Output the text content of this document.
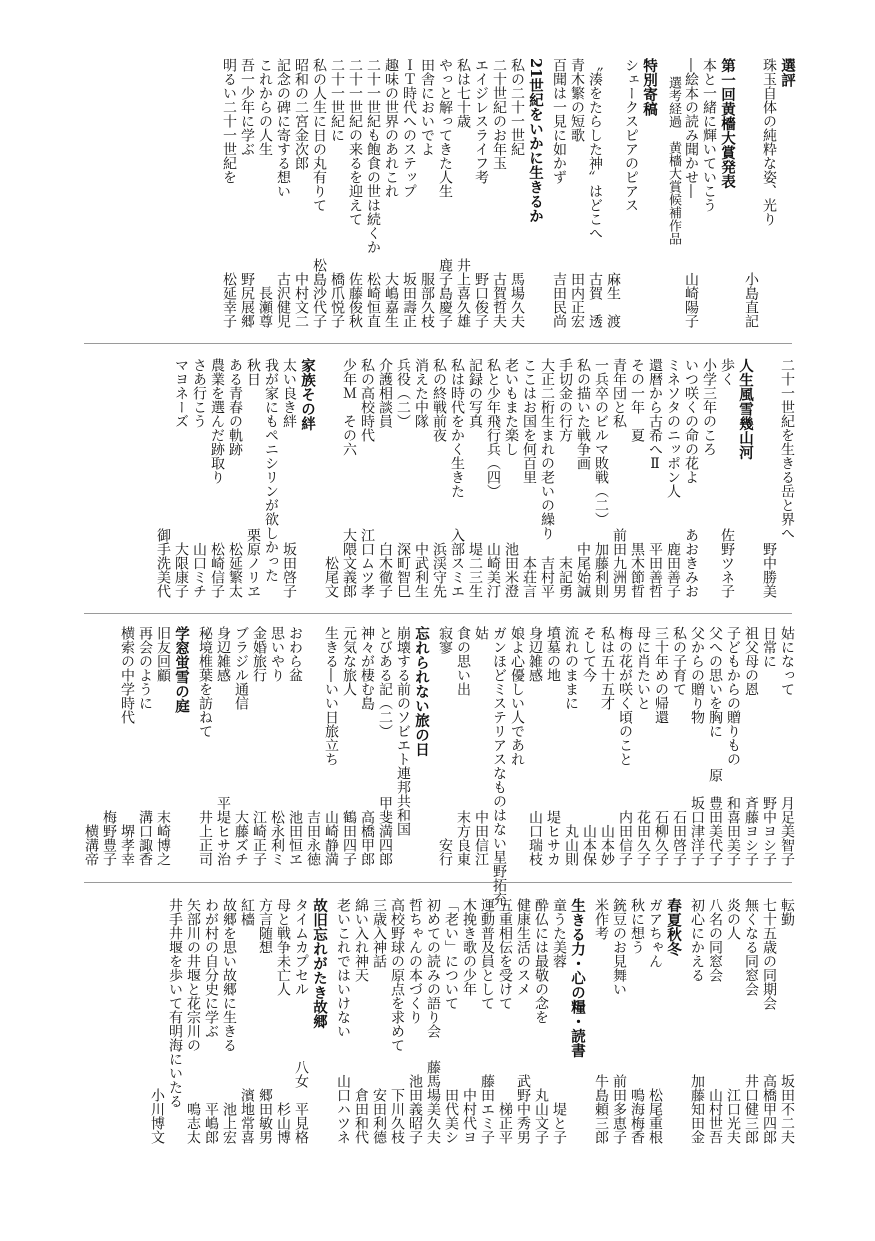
選評
珠玉自体の純粋な姿、光り
小島直記
第一回黄檣大賞発表
本と一緒に輝いていこう
―絵本の読み聞かせ―
山崎陽子
選考経過　黄檣大賞候補作品
特別寄稿
シェークスピアのピアス
麻生　渡
〝湊をたらした神〟はどこへ
古賀　透
青木繁の短歌
田内正宏
百聞は一見に如かず
吉田民尚
21世紀をいかに生きるか
私の二十一世紀
馬場久夫
二十世紀のお年玉
古賀哲夫
エイジレスライフ考
野口俊子
私は七十歳
井上喜久雄
やっと解ってきた人生
鹿子島慶子
田舎においでよ
服部久枝
ＩＴ時代へのステップ
坂田壽正
趣味の世界のあれこれ
大嶋嘉生
二十一世紀も飽食の世は続くか
松崎恒直
二十一世紀の来るを迎えて
佐藤俊秋
二十一世紀に
橋爪悦子
私の人生に日の丸有りて
松島沙代子
昭和の二宮金次郎
中村文二
記念の碑に寄する想い
古沢健児
これからの人生
長瀬尊
吾一少年に学ぶ
野尻展郷
明るい二十一世紀を
松延幸子
二十一世紀を生きる岳と界へ
野中勝美
人生風雪幾山河
歩く
佐野ツネ子
小学三年のころ
いつ咲くの命の花よ
あおきみお
ミネソタのニッポン人
鹿田善子
還暦から古希へⅡ
平田善哲
その一年　夏
黒木節晢
青年団と私
前田九洲男
一兵卒のビルマ敗戦（二）
加藤利則
私の描いた戦争画
中尾始誠
手切金の行方
末記勇
大正二桁生まれの老いの繰り
吉村平
ここはお国を何百里
本荘言
老いもまた楽し
池田米澄
私と少年飛行兵（四）
山崎美汀
記録の写真
堤二三生
私は時代をかく生きた
入部スミエ
私の終戦前夜
浜渓守先
消えた中隊
中武利生
兵役（二）
深町智巳
介護相談員
白木徹子
私の高校時代
江口ムツ孝
少年Ｍ　その六
大隈文義郎
松尾文
家族その絆
太い良き絆
坂田啓子
我が家にもペニシリンが欲しかった
秋日
栗原ノリヱ
ある青春の軌跡
松延繁太
農業を選んだ跡取り
松崎信子
さあ行こう
山口ミチ
マヨネーズ
大限康子
御手洗美代
姑になって
月足美智子
日常に
野中ヨシ子
祖父母の恩
斉藤ヨシ子
子どもからの贈りもの
和喜田美子
父への思いを胸に
原　豊田美代子
父からの贈り物
坂口津洋子
私の子育て
石田啓子
三十年めの帰還
石柳久子
母に肖たいと
花田久子
梅の花が咲く頃のこと
内田信子
私は五十五才
山本妙
そして今
山本保
流れのままに
丸山則
墳墓の地
堤ヒサカ
身辺雑感
山口瑞枝
娘よ心優しい人であれ
ガンほどミステリアスなものはない
星野拓充
姑
中田信江
食の思い出
末方良東
寂寥
安行
忘れられない旅の日
崩壊する前のソビエト連邦共和国
とびある記（二）
甲斐満四郎
神々が棲む島
高橋甲郎
元気な旅人
鶴田四子
生きる―いい日旅立ち
山崎静満
吉田永徳
おわら盆
池田恒ヱ
思いやり
松永利ミ
金婚旅行
江崎正子
ブラジル通信
大藤ズチ
身辺雑感
平堤ヒサ治
秘境椎葉を訪ねて
井上正司
学窓蛍雪の庭
旧友回顧
末崎博之
再会のように
溝口諏香
横索の中学時代
堺孝幸
梅野豊子
横溝帝
転勤
坂田不二夫
七十五歳の同期会
高橋甲四郎
無くなる同窓会
井口健三郎
炎の人
江口光夫
八名の同窓会
山村世吾
初心にかえる
加藤知田金
春夏秋冬
ガアちゃん
松尾重根
秋に想う
鳴海梅香
銃豆のお見舞い
前田多恵子
米作考
牛島頼三郎
生きる力・心の糧・読書
童うた美蓉
堤と子
酔仏には最敬の念を
丸山文子
健康生活のスメ
武野中秀男
五重相伝を受けて
梯正平
運動普及員として
藤田エミ子
木挽き歌の少年
中村代ヨ
「老い」について
田代美シ
初めての読みの語り会
藤馬場美久夫
哲ちゃんの本づくり
池田義昭子
高校野球の原点を求めて
下川久枝
三歳入神話
安田利德
綿い入れ神天
倉田和代
老いこれではいけない
山口ハツネ
故旧忘れがたき故郷
タイムカプセル
八女　平見格
母と戦争未亡人
杉山博
方言随想
郷田敏男
紅檣
濱地常喜
故郷を思い故郷に生きる
池上宏
わが村の自分史に学ぶ
平嶋郎
矢部川の井堰と花宗川の
鳴志太
井手井堰を歩いて有明海にいたる
小川博文
